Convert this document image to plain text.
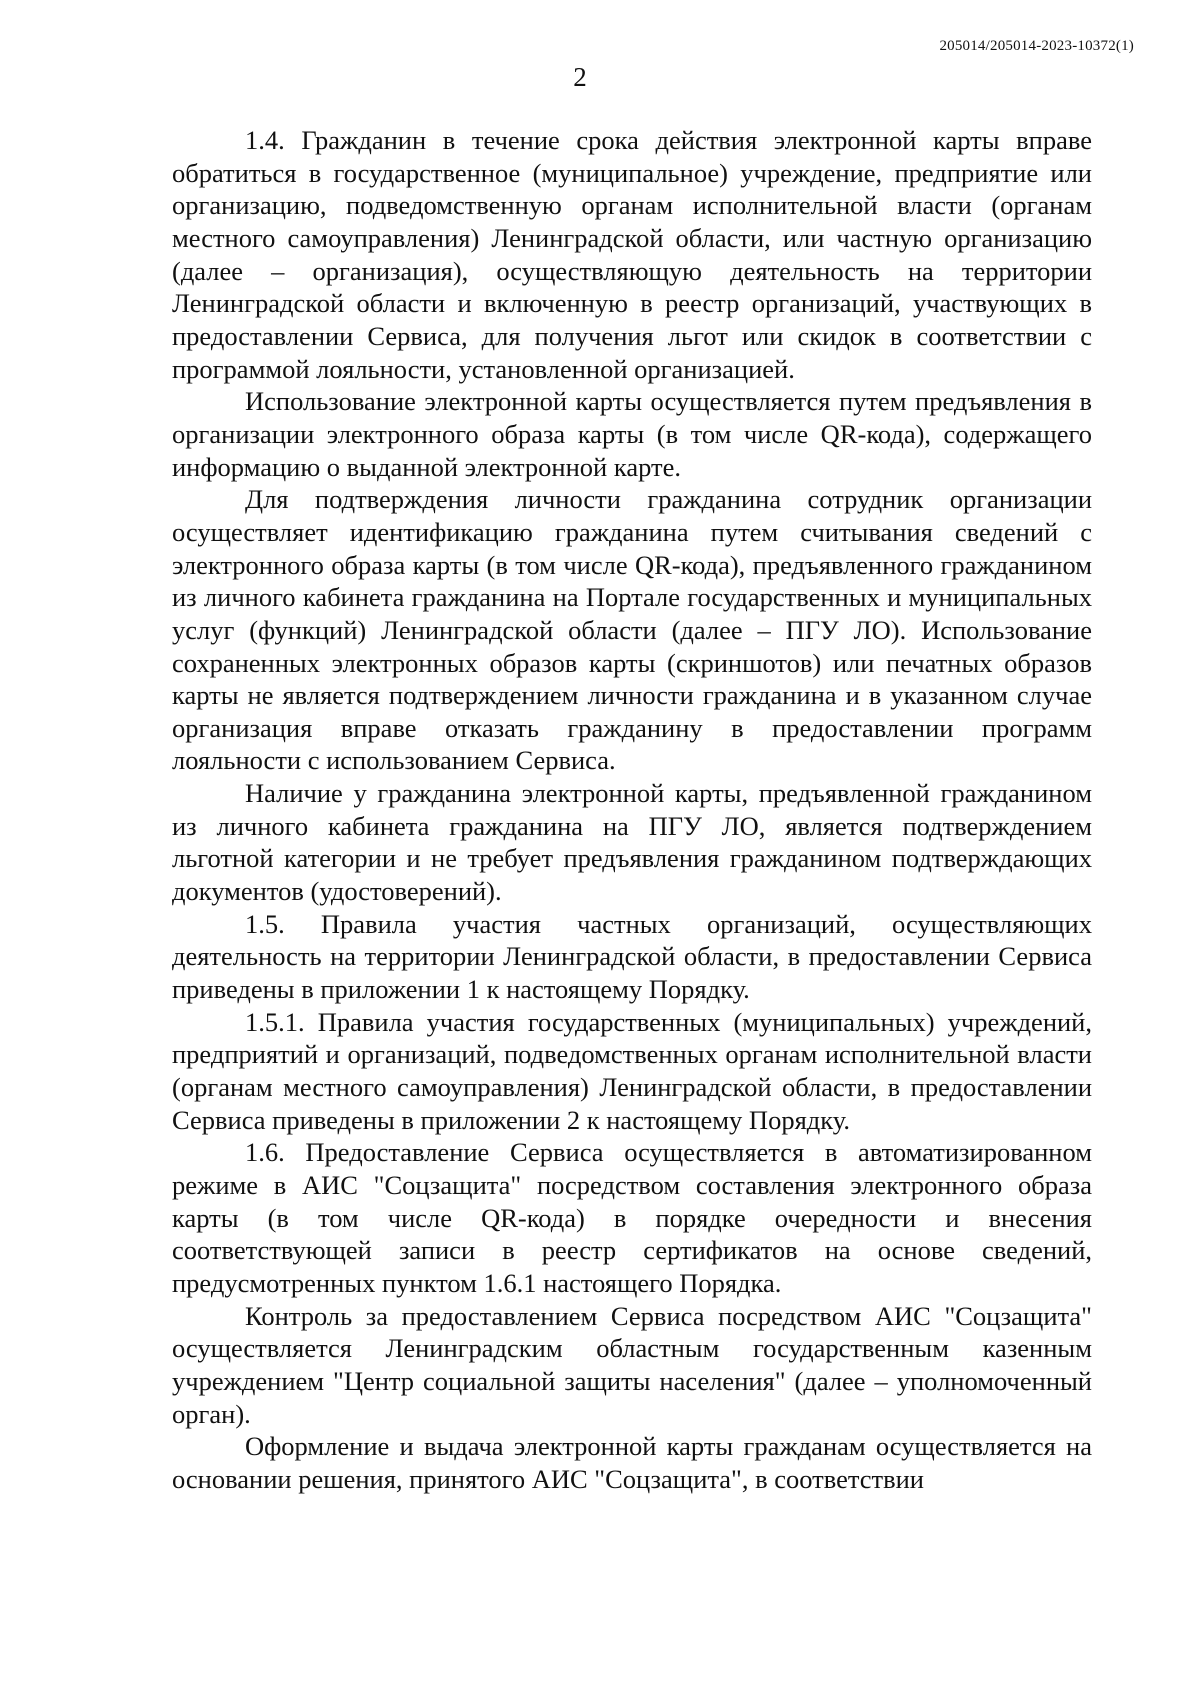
205014/205014-2023-10372(1)
2

1.4. Гражданин в течение срока действия электронной карты вправе обратиться в государственное (муниципальное) учреждение, предприятие или организацию, подведомственную органам исполнительной власти (органам местного самоуправления) Ленинградской области, или частную организацию (далее – организация), осуществляющую деятельность на территории Ленинградской области и включенную в реестр организаций, участвующих в предоставлении Сервиса, для получения льгот или скидок в соответствии с программой лояльности, установленной организацией.

Использование электронной карты осуществляется путем предъявления в организации электронного образа карты (в том числе QR-кода), содержащего информацию о выданной электронной карте.

Для подтверждения личности гражданина сотрудник организации осуществляет идентификацию гражданина путем считывания сведений с электронного образа карты (в том числе QR-кода), предъявленного гражданином из личного кабинета гражданина на Портале государственных и муниципальных услуг (функций) Ленинградской области (далее – ПГУ ЛО). Использование сохраненных электронных образов карты (скриншотов) или печатных образов карты не является подтверждением личности гражданина и в указанном случае организация вправе отказать гражданину в предоставлении программ лояльности с использованием Сервиса.

Наличие у гражданина электронной карты, предъявленной гражданином из личного кабинета гражданина на ПГУ ЛО, является подтверждением льготной категории и не требует предъявления гражданином подтверждающих документов (удостоверений).

1.5. Правила участия частных организаций, осуществляющих деятельность на территории Ленинградской области, в предоставлении Сервиса приведены в приложении 1 к настоящему Порядку.

1.5.1. Правила участия государственных (муниципальных) учреждений, предприятий и организаций, подведомственных органам исполнительной власти (органам местного самоуправления) Ленинградской области, в предоставлении Сервиса приведены в приложении 2 к настоящему Порядку.

1.6. Предоставление Сервиса осуществляется в автоматизированном режиме в АИС "Соцзащита" посредством составления электронного образа карты (в том числе QR-кода) в порядке очередности и внесения соответствующей записи в реестр сертификатов на основе сведений, предусмотренных пунктом 1.6.1 настоящего Порядка.

Контроль за предоставлением Сервиса посредством АИС "Соцзащита" осуществляется Ленинградским областным государственным казенным учреждением "Центр социальной защиты населения" (далее – уполномоченный орган).

Оформление и выдача электронной карты гражданам осуществляется на основании решения, принятого АИС "Соцзащита", в соответствии
